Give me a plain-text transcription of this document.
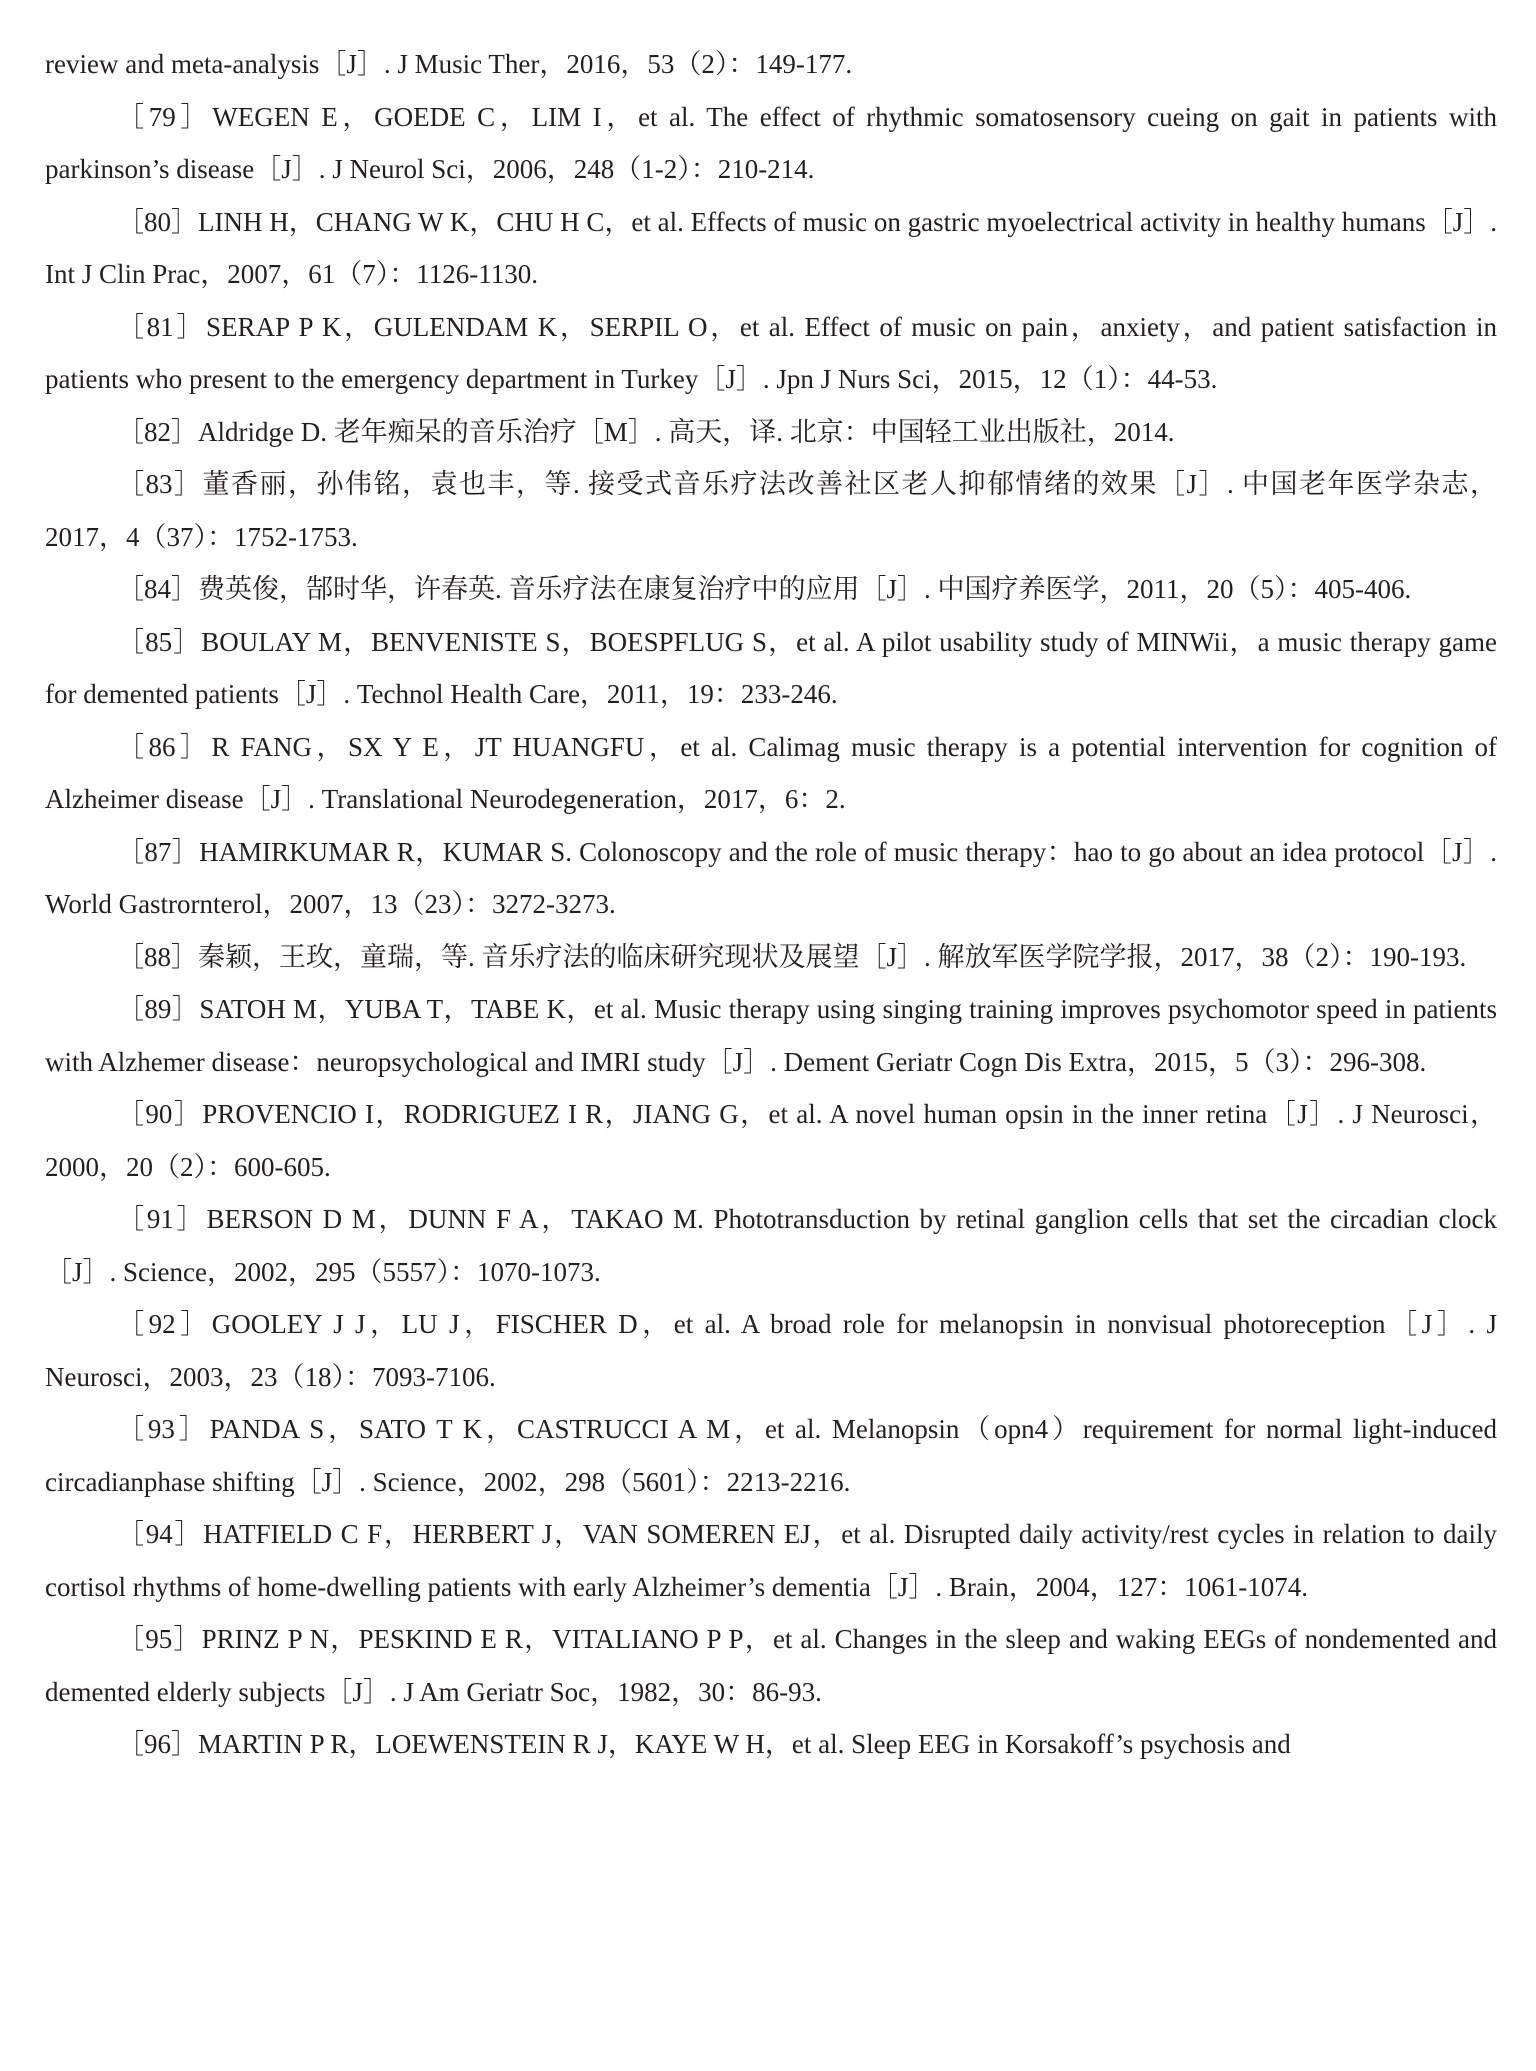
review and meta-analysis［J］. J Music Ther，2016，53（2）：149-177.

［79］WEGEN E，GOEDE C，LIM I，et al. The effect of rhythmic somatosensory cueing on gait in patients with parkinson’s disease［J］. J Neurol Sci，2006，248（1-2）：210-214.

［80］LINH H，CHANG W K，CHU H C，et al. Effects of music on gastric myoelectrical activity in healthy humans［J］. Int J Clin Prac，2007，61（7）：1126-1130.

［81］SERAP P K，GULENDAM K，SERPIL O，et al. Effect of music on pain，anxiety，and patient satisfaction in patients who present to the emergency department in Turkey［J］. Jpn J Nurs Sci，2015，12（1）：44-53.

［82］Aldridge D. 老年痴呆的音乐治疗［M］. 高天，译. 北京：中国轻工业出版社，2014.

［83］董香丽，孙伟铭，袁也丰，等. 接受式音乐疗法改善社区老人抑郁情绪的效果［J］. 中国老年医学杂志，2017，4（37）：1752-1753.

［84］费英俊，郜时华，许春英. 音乐疗法在康复治疗中的应用［J］. 中国疗养医学，2011，20（5）：405-406.

［85］BOULAY M，BENVENISTE S，BOESPFLUG S，et al. A pilot usability study of MINWii，a music therapy game for demented patients［J］. Technol Health Care，2011，19：233-246.

［86］R FANG，SX Y E，JT HUANGFU，et al. Calimag music therapy is a potential intervention for cognition of Alzheimer disease［J］. Translational Neurodegeneration，2017，6：2.

［87］HAMIRKUMAR R，KUMAR S. Colonoscopy and the role of music therapy：hao to go about an idea protocol［J］. World Gastrornterol，2007，13（23）：3272-3273.

［88］秦颖，王玫，童瑞，等. 音乐疗法的临床研究现状及展望［J］. 解放军医学院学报，2017，38（2）：190-193.

［89］SATOH M，YUBA T，TABE K，et al. Music therapy using singing training improves psychomotor speed in patients with Alzhemer disease：neuropsychological and IMRI study［J］. Dement Geriatr Cogn Dis Extra，2015，5（3）：296-308.

［90］PROVENCIO I，RODRIGUEZ I R，JIANG G，et al. A novel human opsin in the inner retina［J］. J Neurosci，2000，20（2）：600-605.

［91］BERSON D M，DUNN F A，TAKAO M. Phototransduction by retinal ganglion cells that set the circadian clock［J］. Science，2002，295（5557）：1070-1073.

［92］GOOLEY J J，LU J，FISCHER D，et al. A broad role for melanopsin in nonvisual photoreception［J］. J Neurosci，2003，23（18）：7093-7106.

［93］PANDA S，SATO T K，CASTRUCCI A M，et al. Melanopsin（opn4）requirement for normal light-induced circadianphase shifting［J］. Science，2002，298（5601）：2213-2216.

［94］HATFIELD C F，HERBERT J，VAN SOMEREN EJ，et al. Disrupted daily activity/rest cycles in relation to daily cortisol rhythms of home-dwelling patients with early Alzheimer’s dementia［J］. Brain，2004，127：1061-1074.

［95］PRINZ P N，PESKIND E R，VITALIANO P P，et al. Changes in the sleep and waking EEGs of nondemented and demented elderly subjects［J］. J Am Geriatr Soc，1982，30：86-93.

［96］MARTIN P R，LOEWENSTEIN R J，KAYE W H，et al. Sleep EEG in Korsakoff’s psychosis and
